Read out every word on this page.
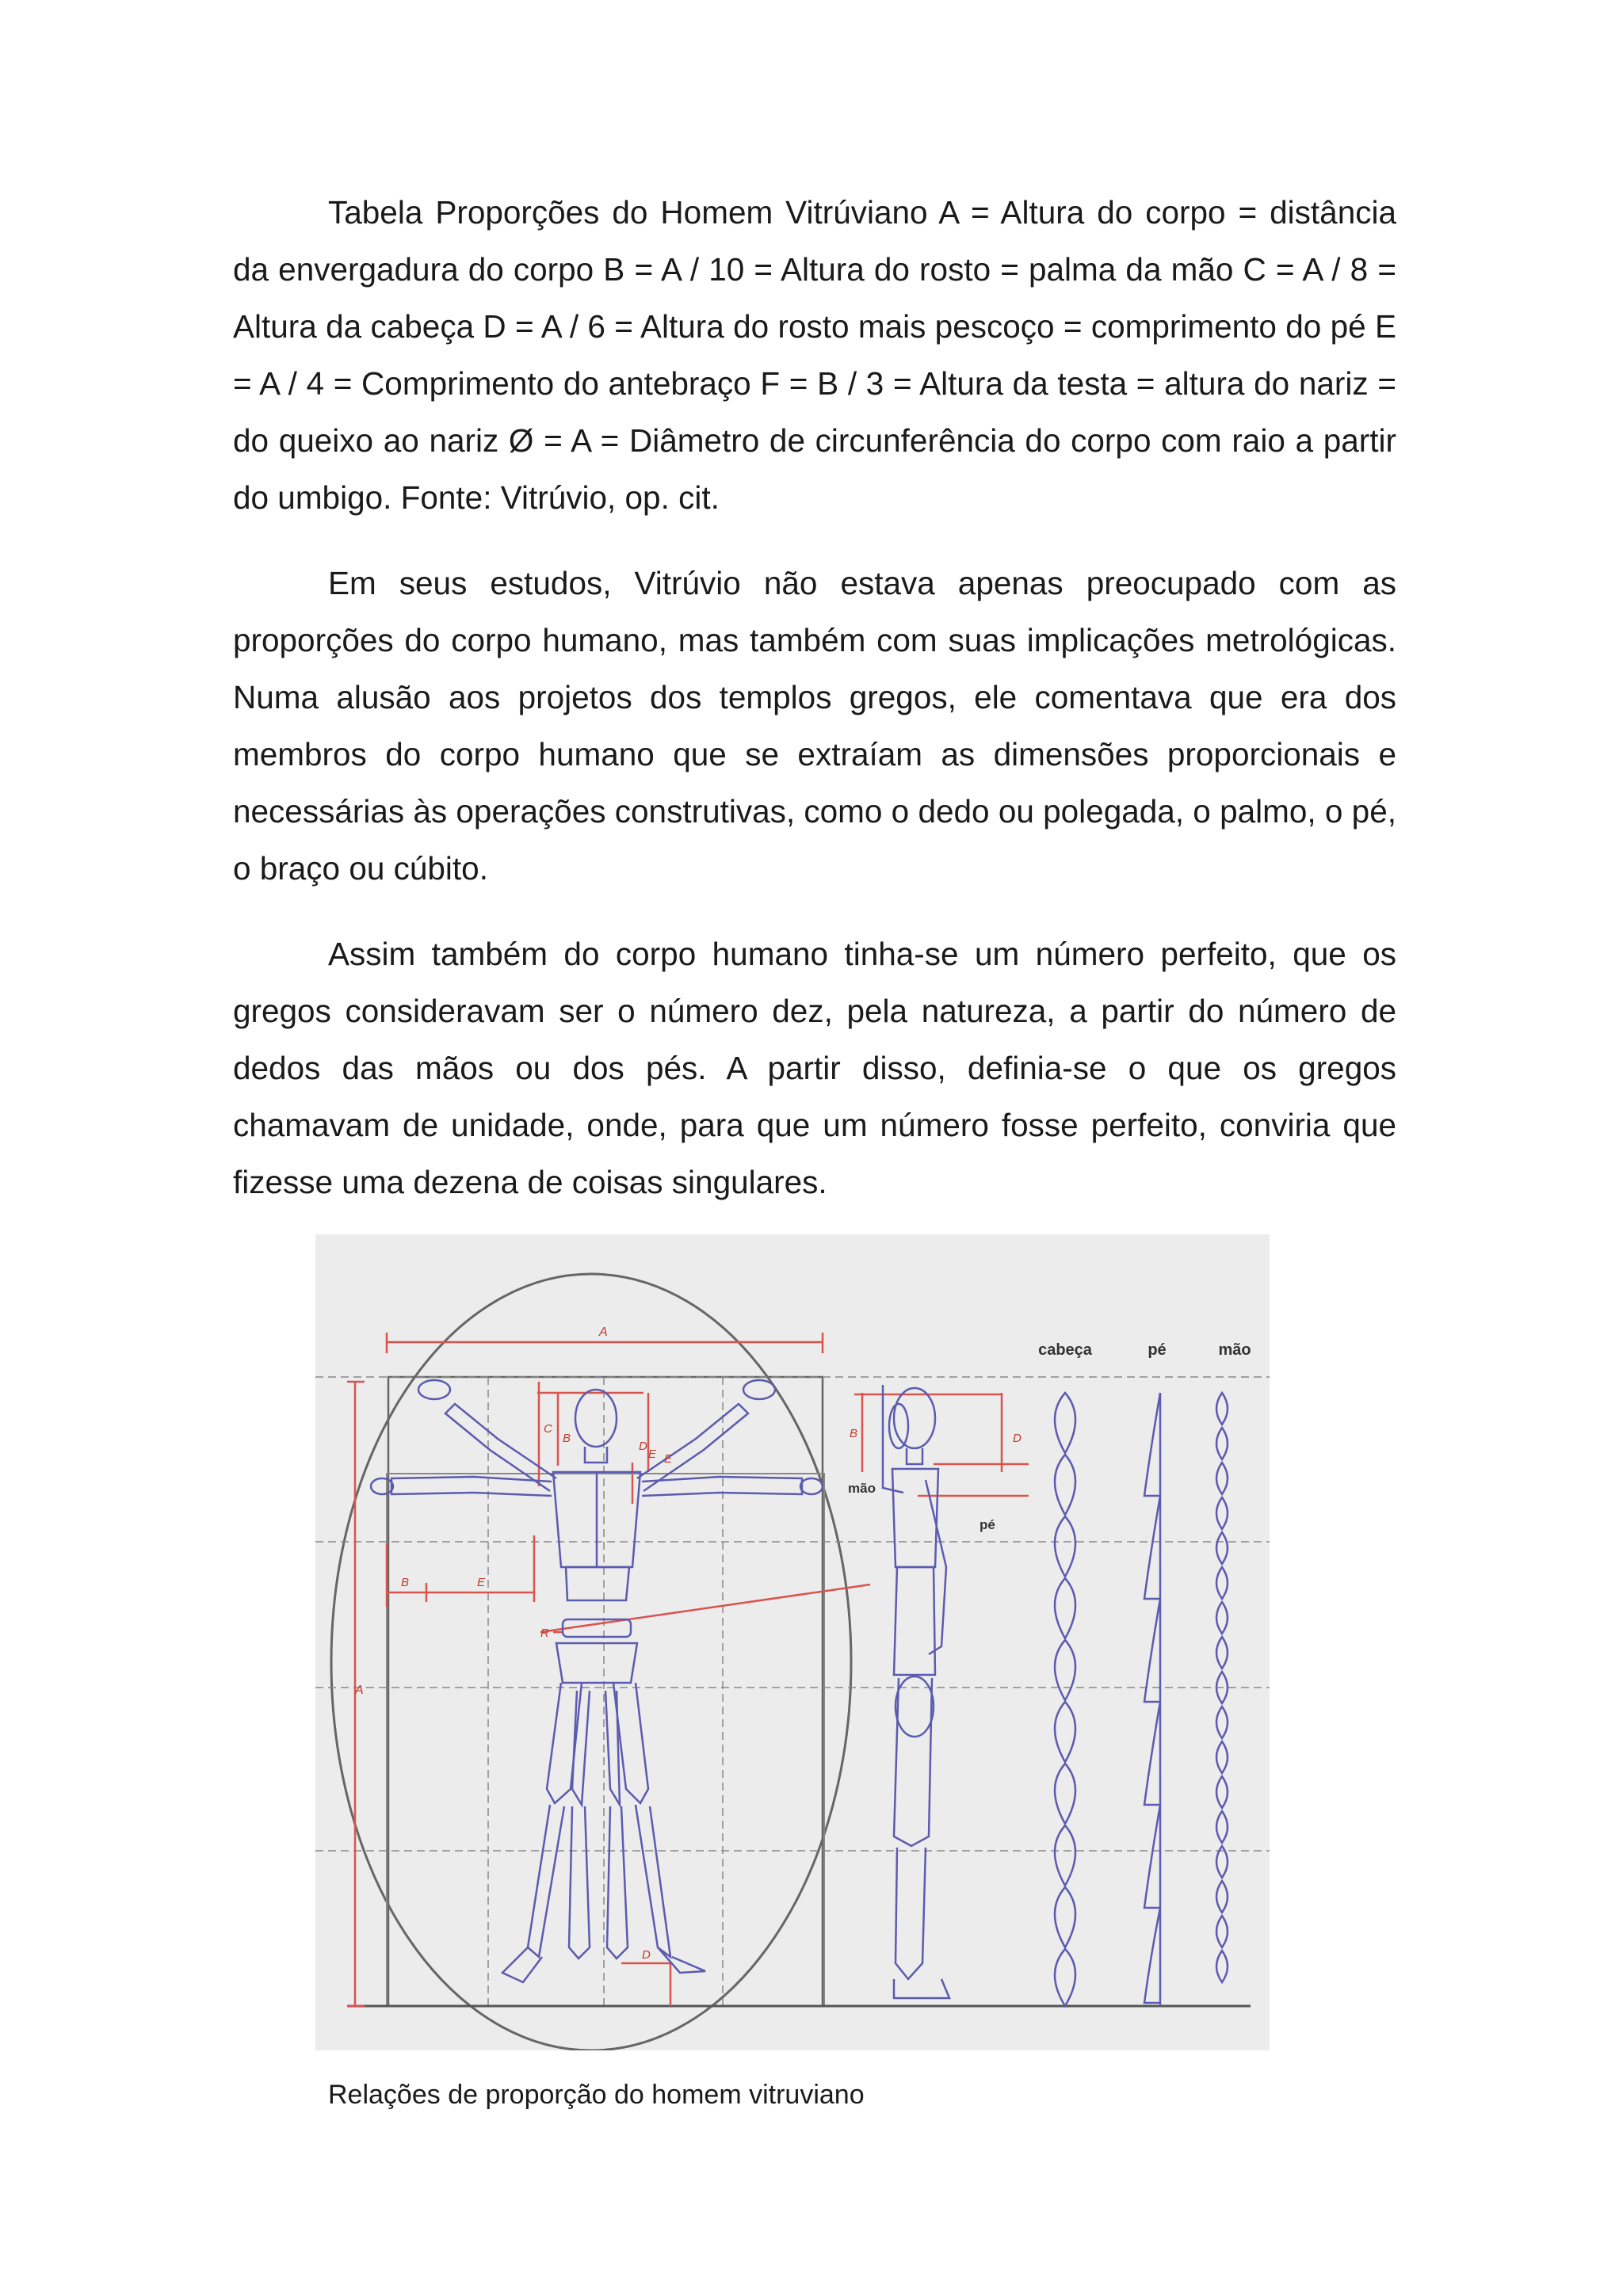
Tabela Proporções do Homem Vitrúviano A = Altura do corpo = distância da envergadura do corpo B = A / 10 = Altura do rosto = palma da mão C = A / 8 = Altura da cabeça D = A / 6 = Altura do rosto mais pescoço = comprimento do pé E = A / 4 = Comprimento do antebraço F = B / 3 = Altura da testa = altura do nariz = do queixo ao nariz Ø = A = Diâmetro de circunferência do corpo com raio a partir do umbigo. Fonte: Vitrúvio, op. cit.

Em seus estudos, Vitrúvio não estava apenas preocupado com as proporções do corpo humano, mas também com suas implicações metrológicas. Numa alusão aos projetos dos templos gregos, ele comentava que era dos membros do corpo humano que se extraíam as dimensões proporcionais e necessárias às operações construtivas, como o dedo ou polegada, o palmo, o pé, o braço ou cúbito.

Assim também do corpo humano tinha-se um número perfeito, que os gregos consideravam ser o número dez, pela natureza, a partir do número de dedos das mãos ou dos pés. A partir disso, definia-se o que os gregos chamavam de unidade, onde, para que um número fosse perfeito, conviria que fizesse uma dezena de coisas singulares.

cabeça	pé	mão
A
A
C
B
D
E E
B	E
R
D
B	D
mão
pé

Relações de proporção do homem vitruviano
